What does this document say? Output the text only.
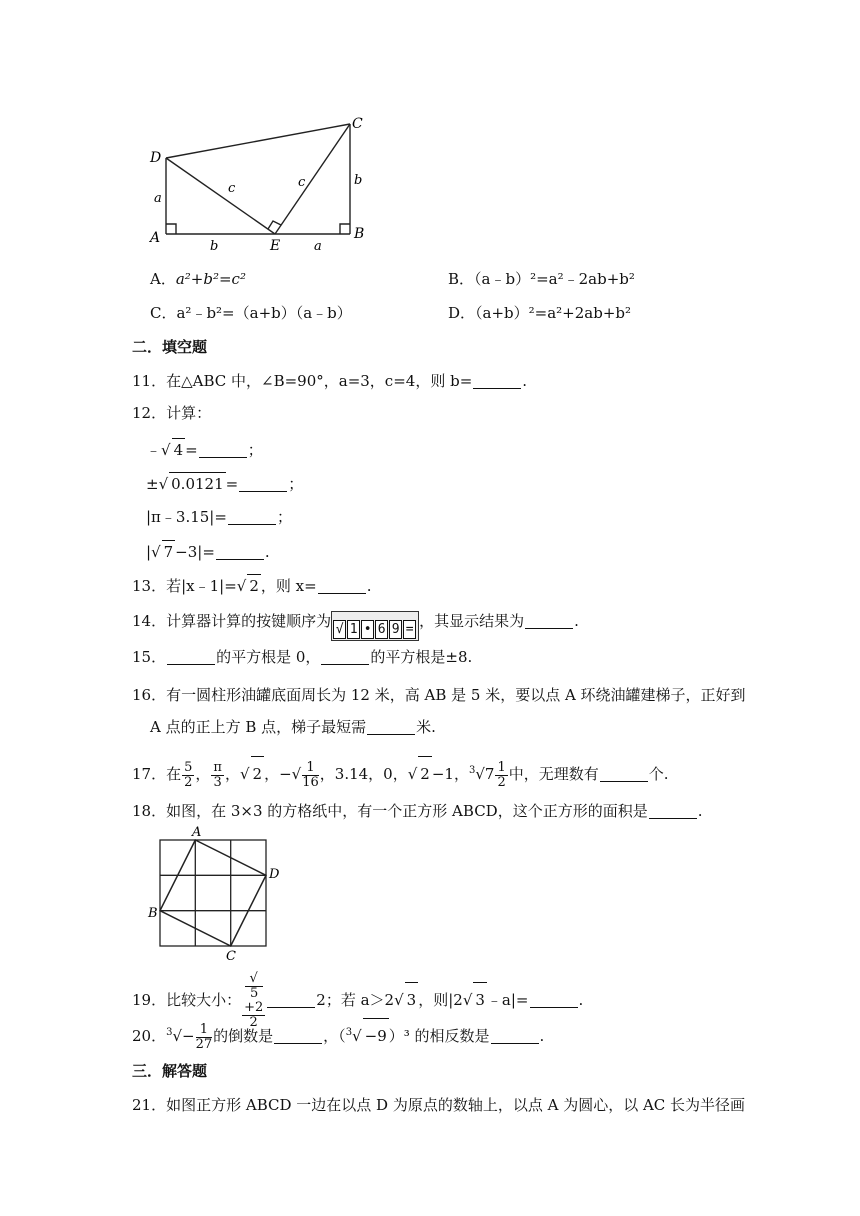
D
C
A	E
B
a
b
b	a
c	c
A．a²+b²=c²	B．（a﹣b）²=a²﹣2ab+b²
C．a²﹣b²=（a+b）（a﹣b）	D．（a+b）²=a²+2ab+b²
二．填空题
11．在△ABC 中，∠B=90°，a=3，c=4，则 b=	.
12．计算：
﹣√ 4 =	；
±√ 0.0121 =	；
|π﹣3.15|=	；
|√ 7 −3|=	.
13．若|x﹣1|=√ 2 ，则 x=	.
14．计算器计算的按键顺序为 √ 1 • 6 9 = ，其显示结果为	.
15．	的平方根是 0，	的平方根是±8.
16．有一圆柱形油罐底面周长为 12 米，高 AB 是 5 米，要以点 A 环绕油罐建梯子，正好到
A 点的正上方 B 点，梯子最短需	米.
17．在 $\frac{5}{2}$ ， $\frac{\pi}{3}$ ，√ 2 ，−√ $\frac{1}{16}$ ，3.14，0，√ 2 −1，$^3√7 \frac{1}{2}$ 中，无理数有	个.
18．如图，在 3×3 的方格纸中，有一个正方形 ABCD，这个正方形的面积是	.
A
D
B
C
19．比较大小： √
5
+2
2	2；若 a＞2√ 3 ，则|2√ 3 ﹣a|=	.
20．$^3√- \frac{1}{27}$ 的倒数是	，（$^3$√ −9 ）³ 的相反数是	.
三．解答题
21．如图正方形 ABCD 一边在以点 D 为原点的数轴上，以点 A 为圆心，以 AC 长为半径画
